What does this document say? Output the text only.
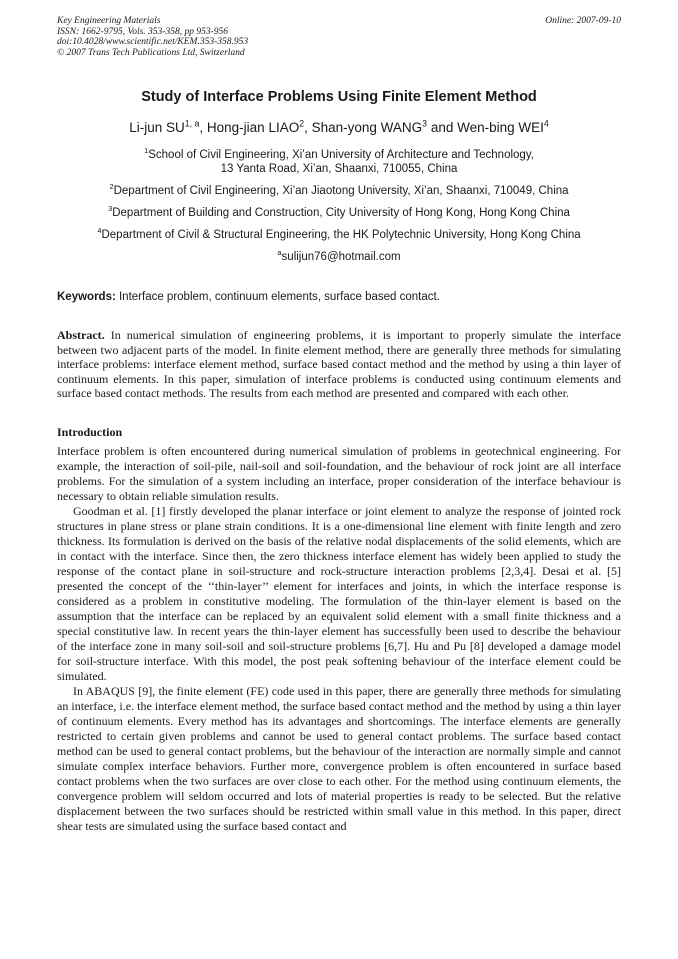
Key Engineering Materials
ISSN: 1662-9795, Vols. 353-358, pp 953-956
doi:10.4028/www.scientific.net/KEM.353-358.953
© 2007 Trans Tech Publications Ltd, Switzerland
Online: 2007-09-10
Study of Interface Problems Using Finite Element Method
Li-jun SU$^{1, a}$, Hong-jian LIAO$^2$, Shan-yong WANG$^3$ and Wen-bing WEI$^4$
$^1$School of Civil Engineering, Xi’an University of Architecture and Technology,
13 Yanta Road, Xi’an, Shaanxi, 710055, China
$^2$Department of Civil Engineering, Xi’an Jiaotong University, Xi’an, Shaanxi, 710049, China
$^3$Department of Building and Construction, City University of Hong Kong, Hong Kong China
$^4$Department of Civil & Structural Engineering, the HK Polytechnic University, Hong Kong China
$^a$sulijun76@hotmail.com
Keywords: Interface problem, continuum elements, surface based contact.
Abstract. In numerical simulation of engineering problems, it is important to properly simulate the interface between two adjacent parts of the model. In finite element method, there are generally three methods for simulating interface problems: interface element method, surface based contact method and the method by using a thin layer of continuum elements. In this paper, simulation of interface problems is conducted using continuum elements and surface based contact methods. The results from each method are presented and compared with each other.
Introduction

Interface problem is often encountered during numerical simulation of problems in geotechnical engineering. For example, the interaction of soil-pile, nail-soil and soil-foundation, and the behaviour of rock joint are all interface problems. For the simulation of a system including an interface, proper consideration of the interface behaviour is necessary to obtain reliable simulation results.

Goodman et al. [1] firstly developed the planar interface or joint element to analyze the response of jointed rock structures in plane stress or plane strain conditions. It is a one-dimensional line element with finite length and zero thickness. Its formulation is derived on the basis of the relative nodal displacements of the solid elements, which are in contact with the interface. Since then, the zero thickness interface element has widely been applied to study the response of the contact plane in soil-structure and rock-structure interaction problems [2,3,4]. Desai et al. [5] presented the concept of the ‘‘thin-layer’’ element for interfaces and joints, in which the interface response is considered as a problem in constitutive modeling. The formulation of the thin-layer element is based on the assumption that the interface can be replaced by an equivalent solid element with a small finite thickness and a special constitutive law. In recent years the thin-layer element has successfully been used to describe the behaviour of the interface zone in many soil-soil and soil-structure problems [6,7]. Hu and Pu [8] developed a damage model for soil-structure interface. With this model, the post peak softening behaviour of the interface element could be simulated.

In ABAQUS [9], the finite element (FE) code used in this paper, there are generally three methods for simulating an interface, i.e. the interface element method, the surface based contact method and the method by using a thin layer of continuum elements. Every method has its advantages and shortcomings. The interface elements are generally restricted to certain given problems and cannot be used to general contact problems. The surface based contact method can be used to general contact problems, but the behaviour of the interaction are normally simple and cannot simulate complex interface behaviors. Further more, convergence problem is often encountered in surface based contact problems when the two surfaces are over close to each other. For the method using continuum elements, the convergence problem will seldom occurred and lots of material properties is ready to be selected. But the relative displacement between the two surfaces should be restricted within small value in this method. In this paper, direct shear tests are simulated using the surface based contact and
